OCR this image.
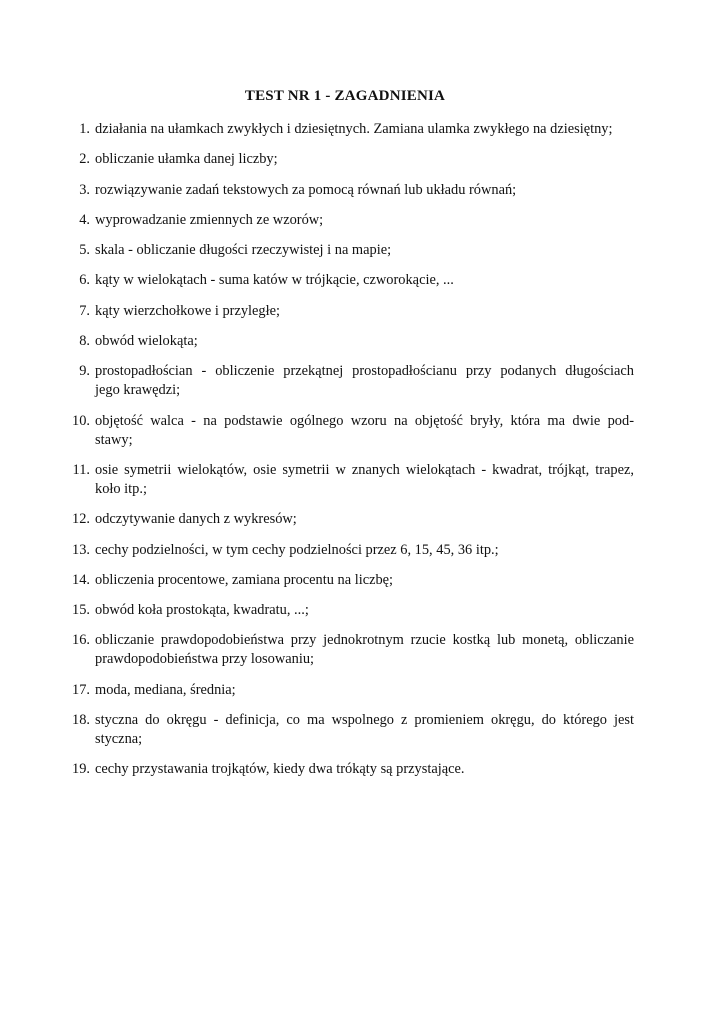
TEST NR 1 - ZAGADNIENIA
1. działania na ułamkach zwykłych i dziesiętnych. Zamiana ulamka zwykłego na dziesiętny;
2. obliczanie ułamka danej liczby;
3. rozwiązywanie zadań tekstowych za pomocą równań lub układu równań;
4. wyprowadzanie zmiennych ze wzorów;
5. skala - obliczanie długości rzeczywistej i na mapie;
6. kąty w wielokątach - suma katów w trójkącie, czworokącie, ...
7. kąty wierzchołkowe i przyległe;
8. obwód wielokąta;
9. prostopadłościan - obliczenie przekątnej prostopadłościanu przy podanych długościach
jego krawędzi;
10. objętość walca - na podstawie ogólnego wzoru na objętość bryły, która ma dwie pod-
stawy;
11. osie symetrii wielokątów, osie symetrii w znanych wielokątach - kwadrat, trójkąt, trapez,
koło itp.;
12. odczytywanie danych z wykresów;
13. cechy podzielności, w tym cechy podzielności przez 6, 15, 45, 36 itp.;
14. obliczenia procentowe, zamiana procentu na liczbę;
15. obwód koła prostokąta, kwadratu, ...;
16. obliczanie prawdopodobieństwa przy jednokrotnym rzucie kostką lub monetą, obliczanie
prawdopodobieństwa przy losowaniu;
17. moda, mediana, średnia;
18. styczna do okręgu - definicja, co ma wspolnego z promieniem okręgu, do którego jest
styczna;
19. cechy przystawania trojkątów, kiedy dwa trókąty są przystające.
